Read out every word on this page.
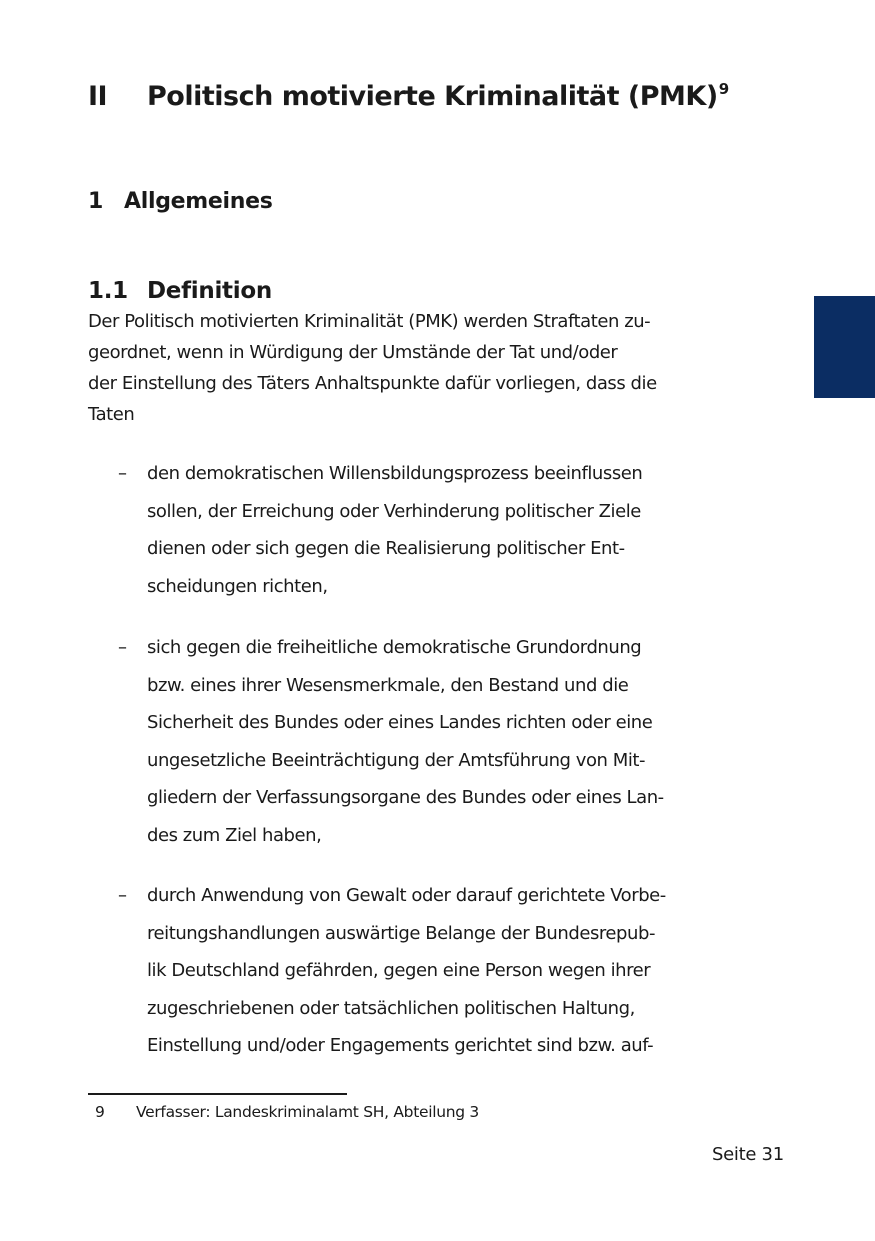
II Politisch motivierte Kriminalität (PMK)$^9$
1 Allgemeines
1.1 Definition

Der Politisch motivierten Kriminalität (PMK) werden Straftaten zu-
geordnet, wenn in Würdigung der Umstände der Tat und/oder
der Einstellung des Täters Anhaltspunkte dafür vorliegen, dass die
Taten

– den demokratischen Willensbildungsprozess beeinflussen
sollen, der Erreichung oder Verhinderung politischer Ziele
dienen oder sich gegen die Realisierung politischer Ent-
scheidungen richten,
– sich gegen die freiheitliche demokratische Grundordnung
bzw. eines ihrer Wesensmerkmale, den Bestand und die
Sicherheit des Bundes oder eines Landes richten oder eine
ungesetzliche Beeinträchtigung der Amtsführung von Mit-
gliedern der Verfassungsorgane des Bundes oder eines Lan-
des zum Ziel haben,
– durch Anwendung von Gewalt oder darauf gerichtete Vorbe-
reitungshandlungen auswärtige Belange der Bundesrepub-
lik Deutschland gefährden, gegen eine Person wegen ihrer
zugeschriebenen oder tatsächlichen politischen Haltung,
Einstellung und/oder Engagements gerichtet sind bzw. auf-
9 Verfasser: Landeskriminalamt SH, Abteilung 3
Seite 31
